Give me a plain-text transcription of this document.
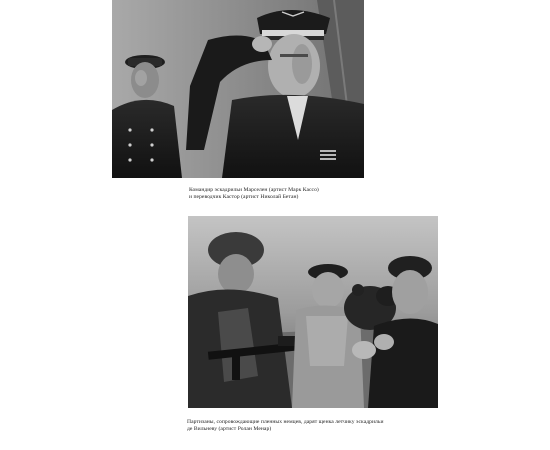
Командир эскадрильи Марселен (артист Марк Кассо)
и переводчик Кастор (артист Николай Бетан)
Партизаны, сопровождающие пленных немцев, дарят щенка летчику эскадрильи
де Вильневу (артист Ролан Менар)
